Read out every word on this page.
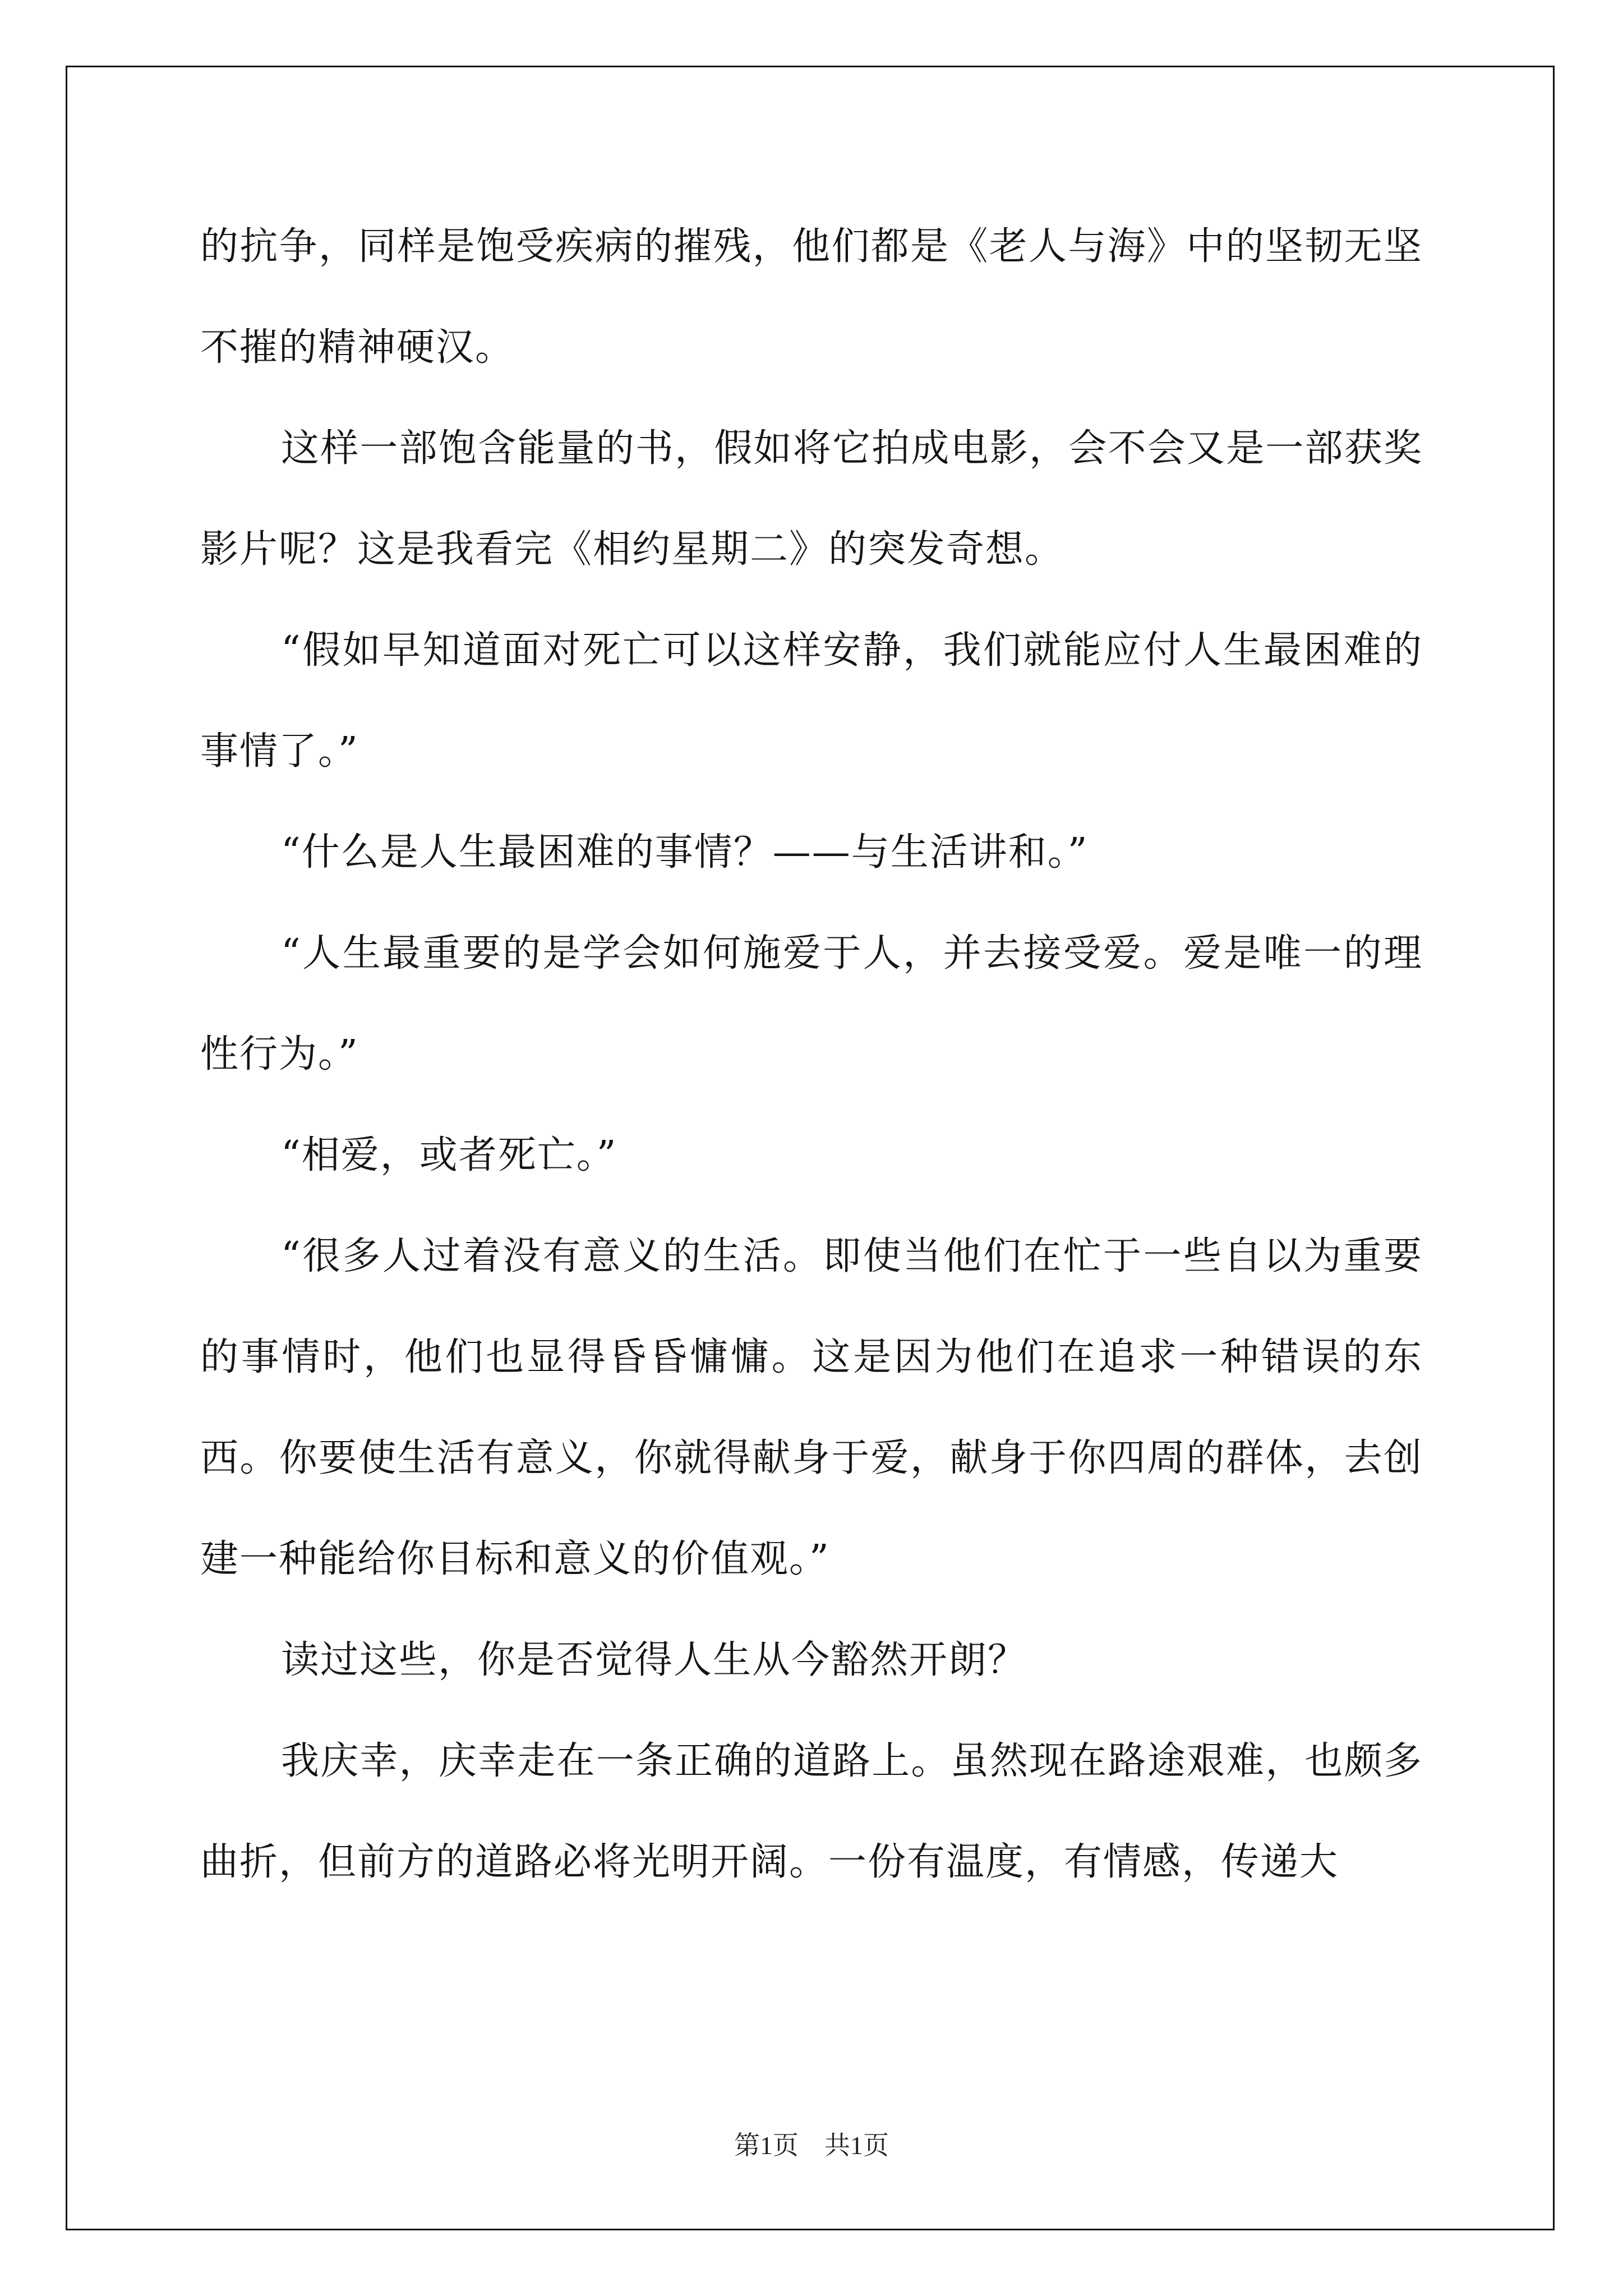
的抗争，同样是饱受疾病的摧残，他们都是《老人与海》中的坚韧无坚不摧的精神硬汉。

这样一部饱含能量的书，假如将它拍成电影，会不会又是一部获奖影片呢？这是我看完《相约星期二》的突发奇想。

“假如早知道面对死亡可以这样安静，我们就能应付人生最困难的事情了。”

“什么是人生最困难的事情？——与生活讲和。”

“人生最重要的是学会如何施爱于人，并去接受爱。爱是唯一的理性行为。”

“相爱，或者死亡。”

“很多人过着没有意义的生活。即使当他们在忙于一些自以为重要的事情时，他们也显得昏昏慵慵。这是因为他们在追求一种错误的东西。你要使生活有意义，你就得献身于爱，献身于你四周的群体，去创建一种能给你目标和意义的价值观。”

读过这些，你是否觉得人生从今豁然开朗？

我庆幸，庆幸走在一条正确的道路上。虽然现在路途艰难，也颇多曲折，但前方的道路必将光明开阔。一份有温度，有情感，传递大

第1页　共1页
